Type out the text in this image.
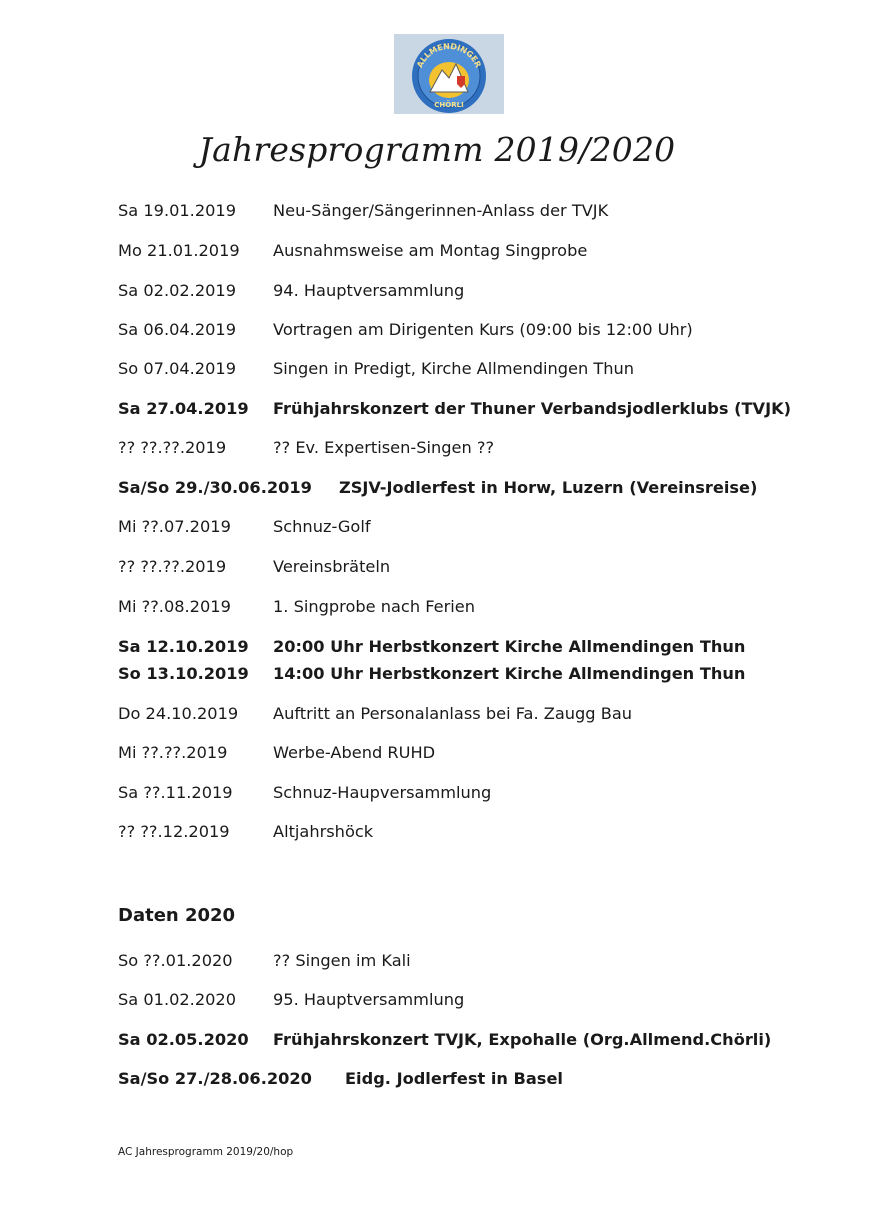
ALLMENDINGER
CHÖRLI
Jahresprogramm 2019/2020
Sa 19.01.2019 Neu-Sänger/Sängerinnen-Anlass der TVJK
Mo 21.01.2019 Ausnahmsweise am Montag Singprobe
Sa 02.02.2019 94. Hauptversammlung
Sa 06.04.2019 Vortragen am Dirigenten Kurs (09:00 bis 12:00 Uhr)
So 07.04.2019 Singen in Predigt, Kirche Allmendingen Thun
Sa 27.04.2019 Frühjahrskonzert der Thuner Verbandsjodlerklubs (TVJK)
?? ??.??.2019	?? Ev. Expertisen-Singen ??
Sa/So 29./30.06.2019 ZSJV-Jodlerfest in Horw, Luzern (Vereinsreise)
Mi ??.07.2019	Schnuz-Golf
?? ??.??.2019	Vereinsbräteln
Mi ??.08.2019	1. Singprobe nach Ferien
Sa 12.10.2019 20:00 Uhr Herbstkonzert Kirche Allmendingen Thun
So 13.10.2019 14:00 Uhr Herbstkonzert Kirche Allmendingen Thun
Do 24.10.2019 Auftritt an Personalanlass bei Fa. Zaugg Bau
Mi ??.??.2019	Werbe-Abend RUHD
Sa ??.11.2019 Schnuz-Haupversammlung
?? ??.12.2019	Altjahrshöck
Daten 2020
So ??.01.2020 ?? Singen im Kali
Sa 01.02.2020 95. Hauptversammlung
Sa 02.05.2020 Frühjahrskonzert TVJK, Expohalle (Org.Allmend.Chörli)
Sa/So 27./28.06.2020 Eidg. Jodlerfest in Basel
AC Jahresprogramm 2019/20/hop
